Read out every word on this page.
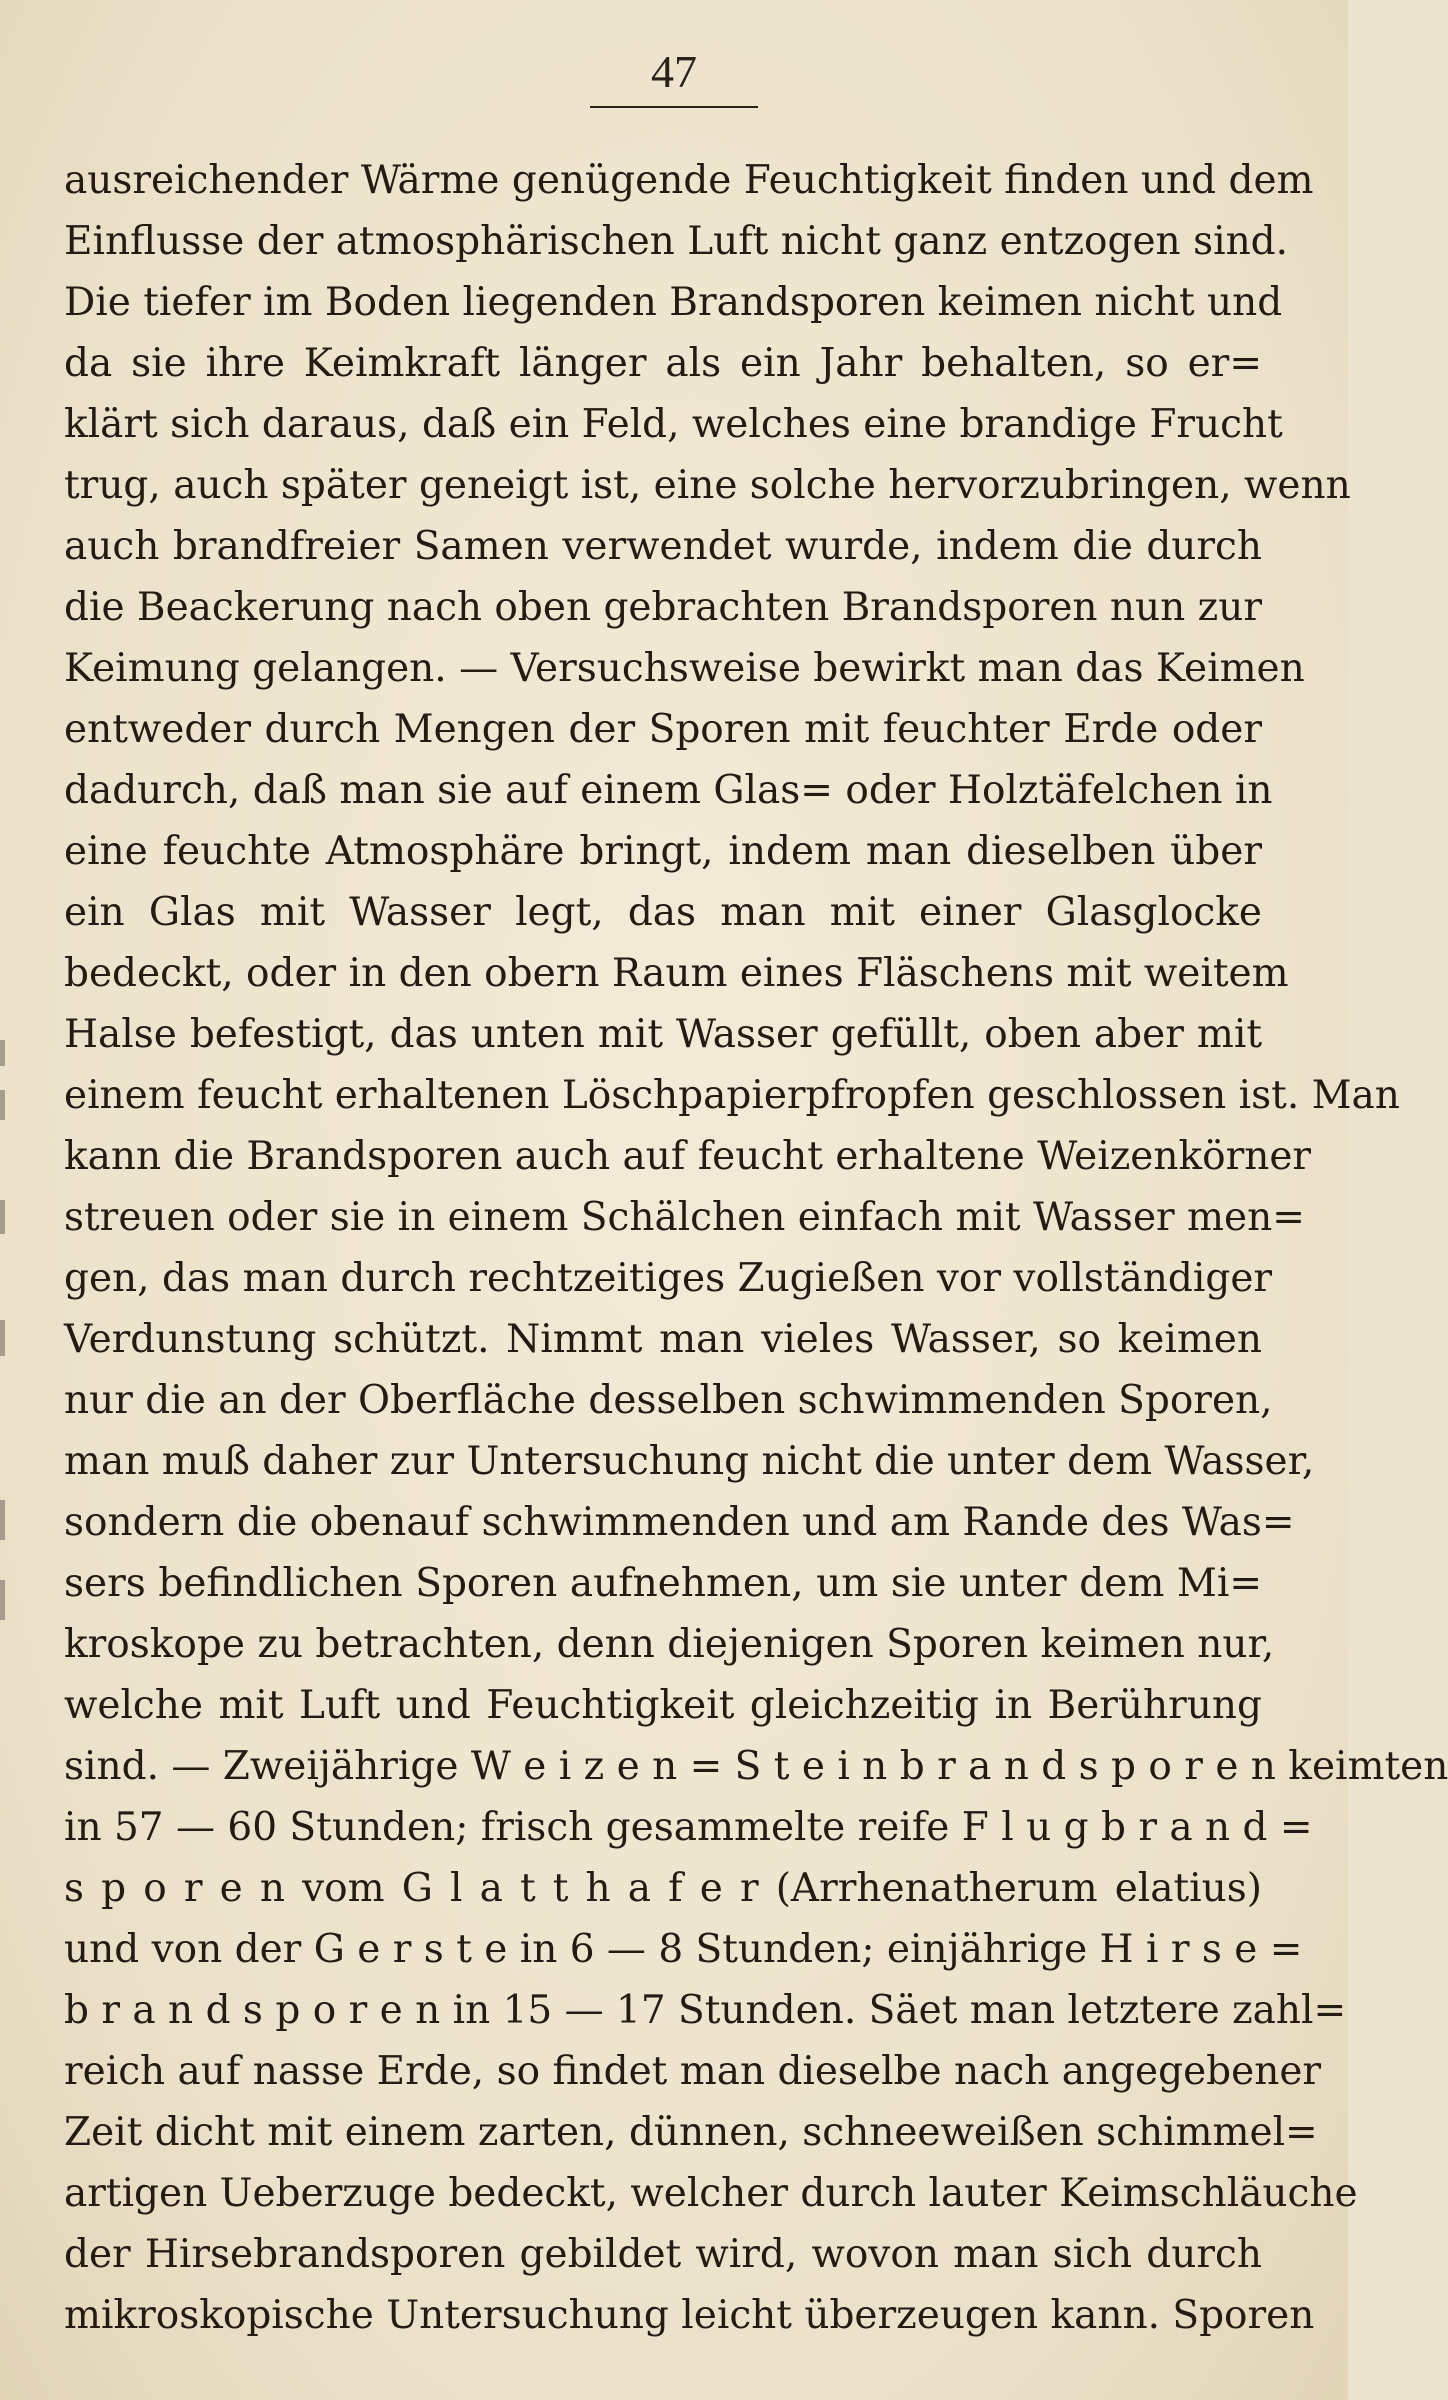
47
ausreichender Wärme genügende Feuchtigkeit finden und dem
Einflusse der atmosphärischen Luft nicht ganz entzogen sind.
Die tiefer im Boden liegenden Brandsporen keimen nicht und
da sie ihre Keimkraft länger als ein Jahr behalten, so er=
klärt sich daraus, daß ein Feld, welches eine brandige Frucht
trug, auch später geneigt ist, eine solche hervorzubringen, wenn
auch brandfreier Samen verwendet wurde, indem die durch
die Beackerung nach oben gebrachten Brandsporen nun zur
Keimung gelangen. — Versuchsweise bewirkt man das Keimen
entweder durch Mengen der Sporen mit feuchter Erde oder
dadurch, daß man sie auf einem Glas= oder Holztäfelchen in
eine feuchte Atmosphäre bringt, indem man dieselben über
ein Glas mit Wasser legt, das man mit einer Glasglocke
bedeckt, oder in den obern Raum eines Fläschens mit weitem
Halse befestigt, das unten mit Wasser gefüllt, oben aber mit
einem feucht erhaltenen Löschpapierpfropfen geschlossen ist. Man
kann die Brandsporen auch auf feucht erhaltene Weizenkörner
streuen oder sie in einem Schälchen einfach mit Wasser men=
gen, das man durch rechtzeitiges Zugießen vor vollständiger
Verdunstung schützt. Nimmt man vieles Wasser, so keimen
nur die an der Oberfläche desselben schwimmenden Sporen,
man muß daher zur Untersuchung nicht die unter dem Wasser,
sondern die obenauf schwimmenden und am Rande des Was=
sers befindlichen Sporen aufnehmen, um sie unter dem Mi=
kroskope zu betrachten, denn diejenigen Sporen keimen nur,
welche mit Luft und Feuchtigkeit gleichzeitig in Berührung
sind. — Zweijährige W e i z e n = S t e i n b r a n d s p o r e n keimten
in 57 — 60 Stunden; frisch gesammelte reife F l u g b r a n d =
s p o r e n vom G l a t t h a f e r (Arrhenatherum elatius)
und von der G e r s t e in 6 — 8 Stunden; einjährige H i r s e =
b r a n d s p o r e n in 15 — 17 Stunden. Säet man letztere zahl=
reich auf nasse Erde, so findet man dieselbe nach angegebener
Zeit dicht mit einem zarten, dünnen, schneeweißen schimmel=
artigen Ueberzuge bedeckt, welcher durch lauter Keimschläuche
der Hirsebrandsporen gebildet wird, wovon man sich durch
mikroskopische Untersuchung leicht überzeugen kann. Sporen
